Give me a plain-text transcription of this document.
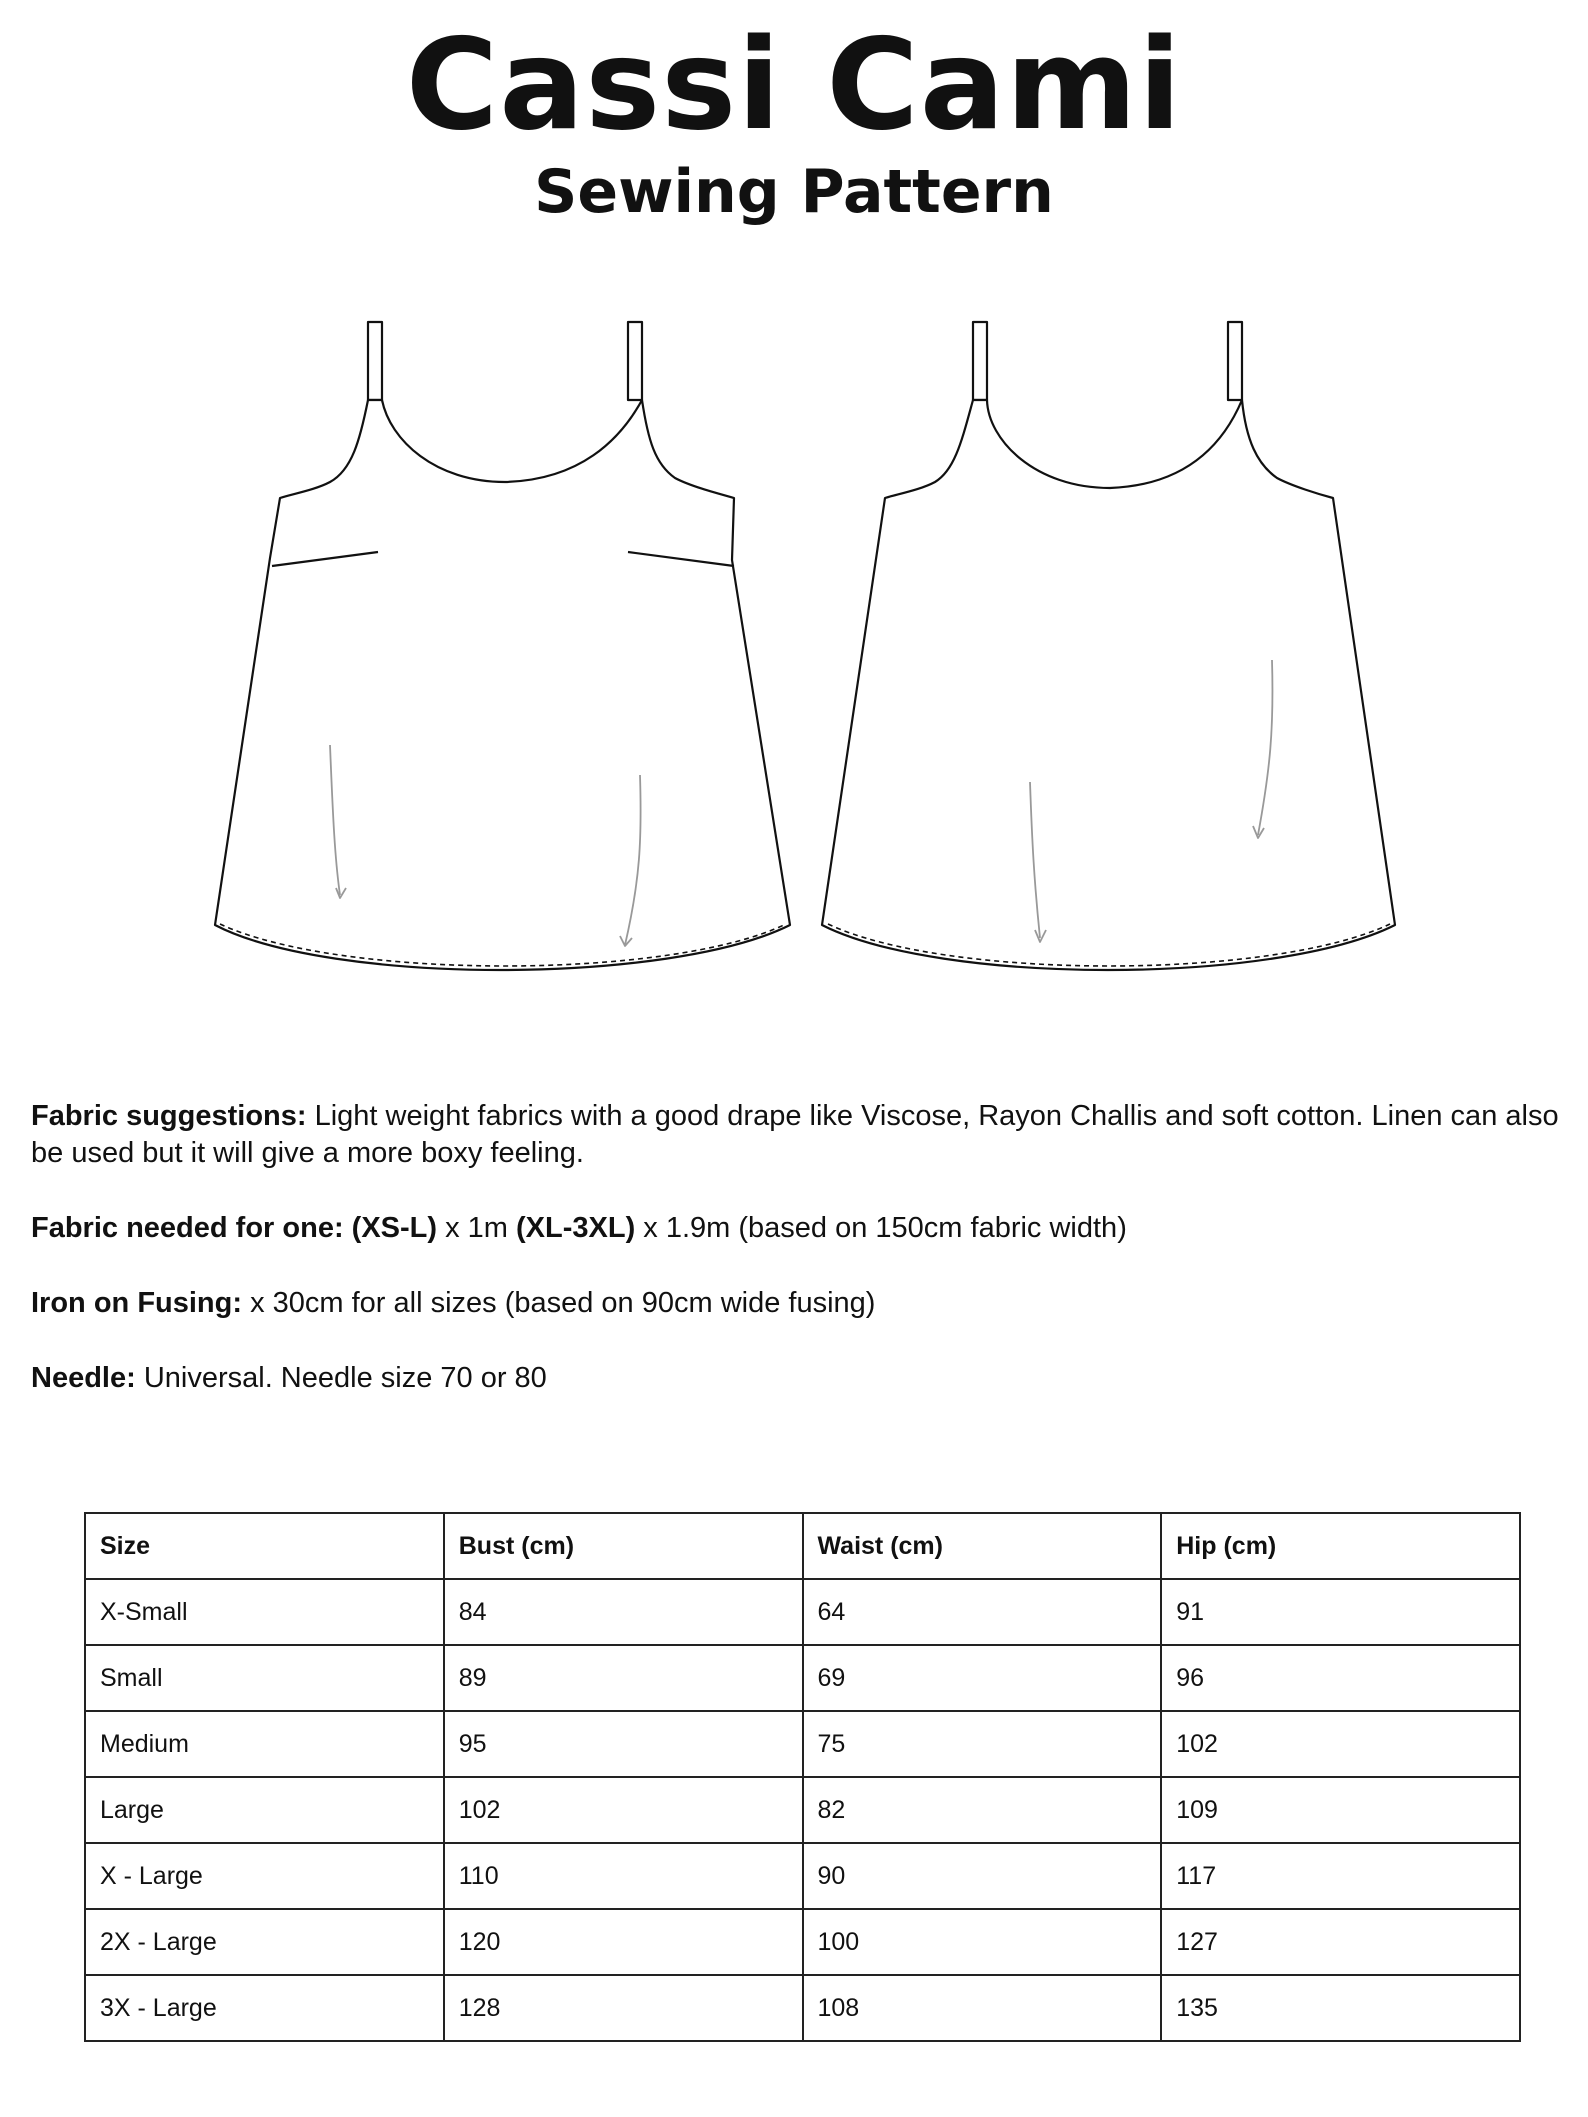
Cassi Cami
Sewing Pattern

Fabric suggestions: Light weight fabrics with a good drape like Viscose, Rayon Challis and soft cotton. Linen can also be used but it will give a more boxy feeling.

Fabric needed for one: (XS-L) x 1m (XL-3XL) x 1.9m (based on 150cm fabric width)

Iron on Fusing: x 30cm for all sizes (based on 90cm wide fusing)

Needle: Universal. Needle size 70 or 80

Size	Bust (cm)	Waist (cm)	Hip (cm)
X-Small	84	64	91
Small	89	69	96
Medium	95	75	102
Large	102	82	109
X - Large	110	90	117
2X - Large	120	100	127
3X - Large	128	108	135
